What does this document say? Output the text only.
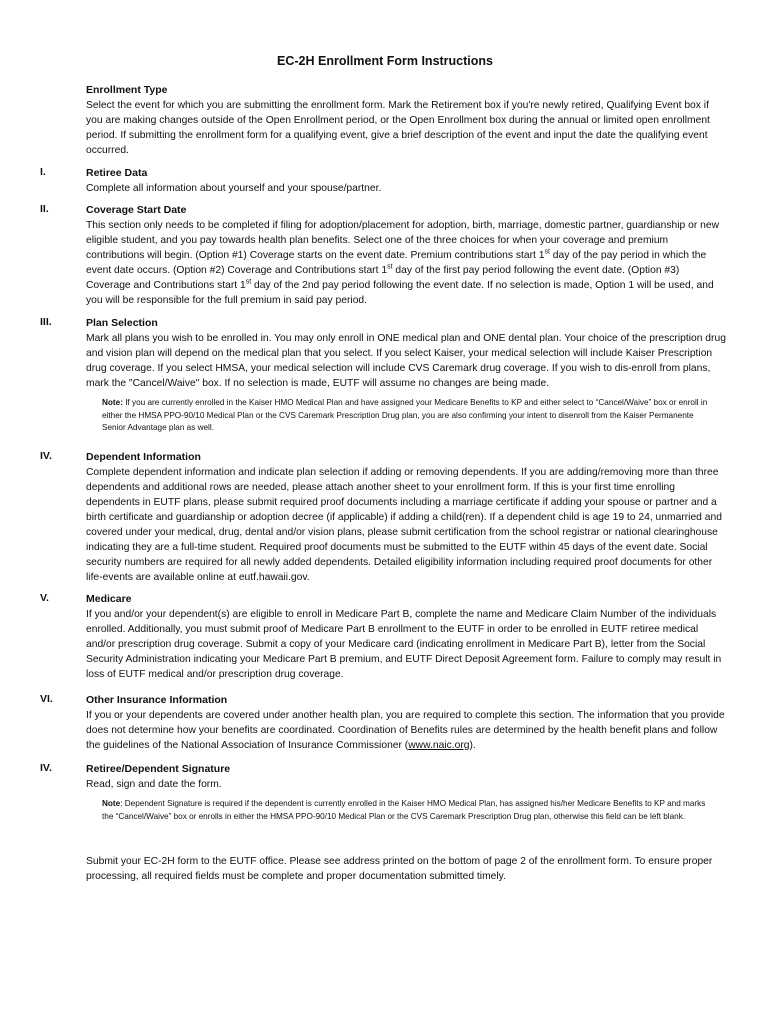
EC-2H Enrollment Form Instructions
Enrollment Type

Select the event for which you are submitting the enrollment form. Mark the Retirement box if you're newly retired, Qualifying Event box if you are making changes outside of the Open Enrollment period, or the Open Enrollment box during the annual or limited open enrollment period. If submitting the enrollment form for a qualifying event, give a brief description of the event and input the date the qualifying event occurred.

I.	Retiree Data

Complete all information about yourself and your spouse/partner.

II.	Coverage Start Date

This section only needs to be completed if filing for adoption/placement for adoption, birth, marriage, domestic partner, guardianship or new eligible student, and you pay towards health plan benefits. Select one of the three choices for when your coverage and premium contributions will begin. (Option #1) Coverage starts on the event date. Premium contributions start 1st day of the pay period in which the event date occurs. (Option #2) Coverage and Contributions start 1st day of the first pay period following the event date. (Option #3) Coverage and Contributions start 1st day of the 2nd pay period following the event date. If no selection is made, Option 1 will be used, and you will be responsible for the full premium in said pay period.

III.	Plan Selection

Mark all plans you wish to be enrolled in. You may only enroll in ONE medical plan and ONE dental plan. Your choice of the prescription drug and vision plan will depend on the medical plan that you select. If you select Kaiser, your medical selection will include Kaiser Prescription drug coverage. If you select HMSA, your medical selection will include CVS Caremark drug coverage. If you wish to dis-enroll from plans, mark the "Cancel/Waive" box. If no selection is made, EUTF will assume no changes are being made.

Note: If you are currently enrolled in the Kaiser HMO Medical Plan and have assigned your Medicare Benefits to KP and either select to “Cancel/Waive” box or enroll in either the HMSA PPO-90/10 Medical Plan or the CVS Caremark Prescription Drug plan, you are also confirming your intent to disenroll from the Kaiser Permanente Senior Advantage plan as well.

IV.	Dependent Information

Complete dependent information and indicate plan selection if adding or removing dependents. If you are adding/removing more than three dependents and additional rows are needed, please attach another sheet to your enrollment form. If this is your first time enrolling dependents in EUTF plans, please submit required proof documents including a marriage certificate if adding your spouse or partner and a birth certificate and guardianship or adoption decree (if applicable) if adding a child(ren). If a dependent child is age 19 to 24, unmarried and covered under your medical, drug, dental and/or vision plans, please submit certification from the school registrar or national clearinghouse indicating they are a full-time student. Required proof documents must be submitted to the EUTF within 45 days of the event date. Social security numbers are required for all newly added dependents. Detailed eligibility information including required proof documents for other life-events are available online at eutf.hawaii.gov.

V.	Medicare

If you and/or your dependent(s) are eligible to enroll in Medicare Part B, complete the name and Medicare Claim Number of the individuals enrolled. Additionally, you must submit proof of Medicare Part B enrollment to the EUTF in order to be enrolled in EUTF retiree medical and/or prescription drug coverage. Submit a copy of your Medicare card (indicating enrollment in Medicare Part B), letter from the Social Security Administration indicating your Medicare Part B premium, and EUTF Direct Deposit Agreement form. Failure to comply may result in loss of EUTF medical and/or prescription drug coverage.

VI.	Other Insurance Information

If you or your dependents are covered under another health plan, you are required to complete this section. The information that you provide does not determine how your benefits are coordinated. Coordination of Benefits rules are determined by the health benefit plans and follow the guidelines of the National Association of Insurance Commissioner (www.naic.org).

IV.	Retiree/Dependent Signature

Read, sign and date the form.

Note: Dependent Signature is required if the dependent is currently enrolled in the Kaiser HMO Medical Plan, has assigned his/her Medicare Benefits to KP and marks the “Cancel/Waive” box or enrolls in either the HMSA PPO-90/10 Medical Plan or the CVS Caremark Prescription Drug plan, otherwise this field can be left blank.

Submit your EC-2H form to the EUTF office. Please see address printed on the bottom of page 2 of the enrollment form. To ensure proper processing, all required fields must be complete and proper documentation submitted timely.
